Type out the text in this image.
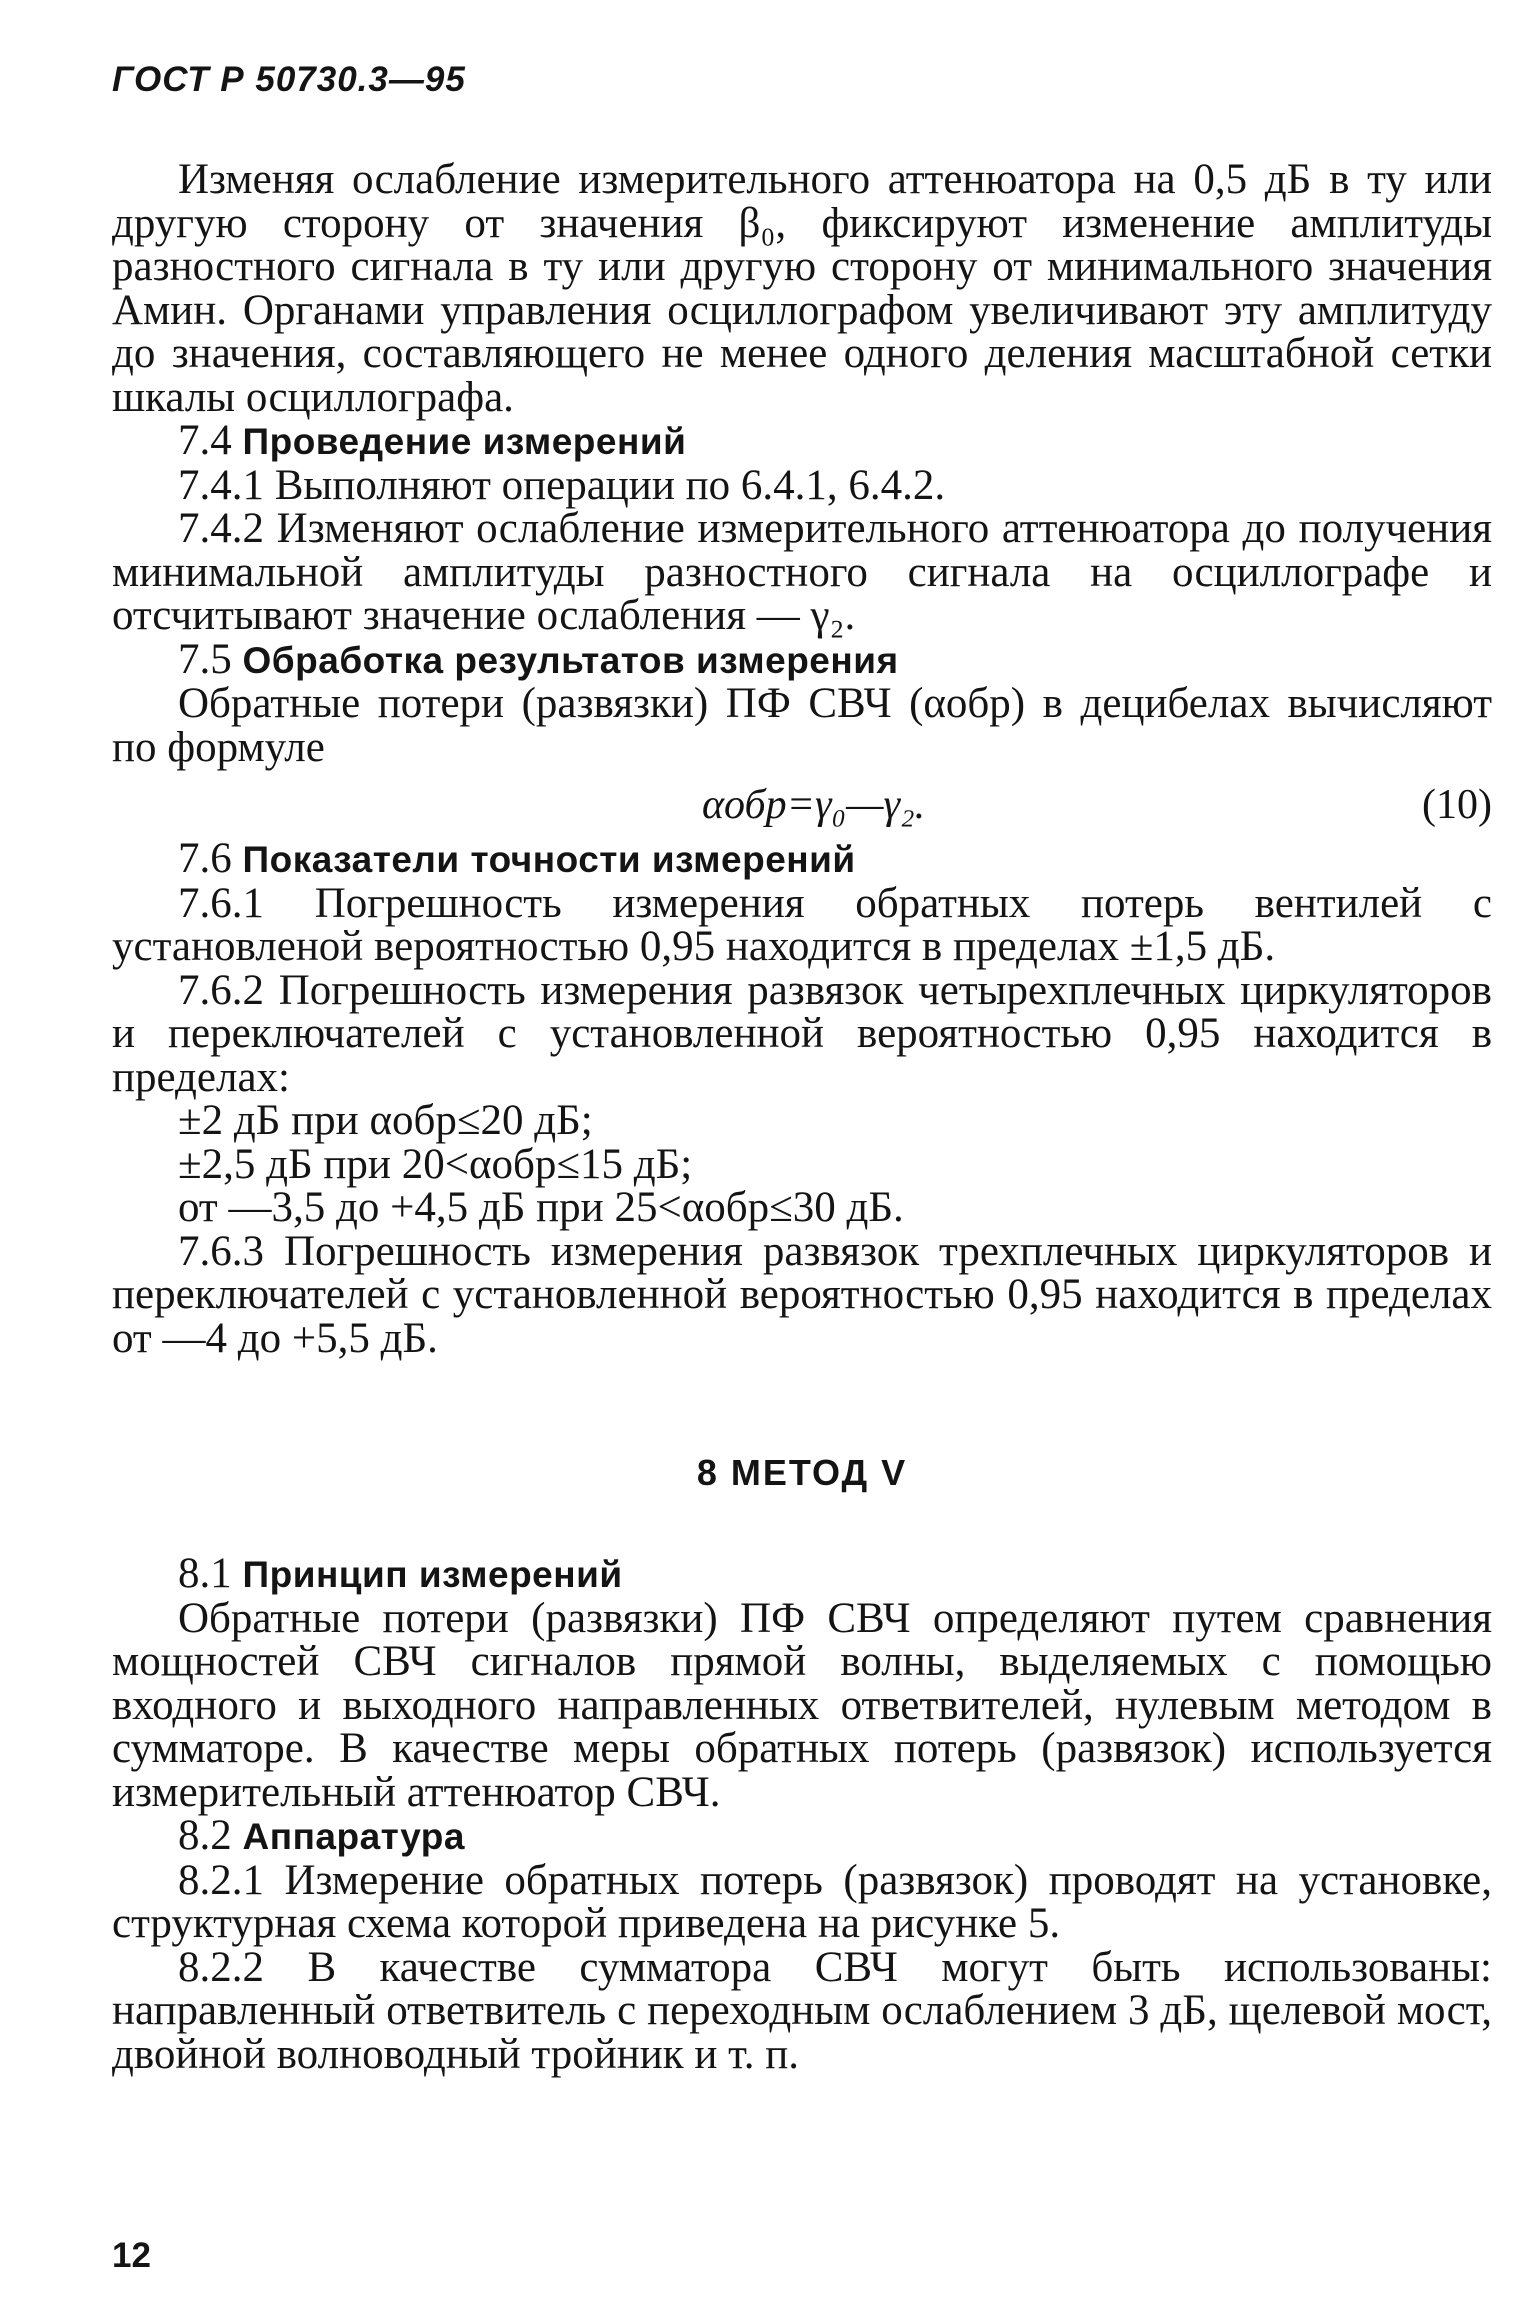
ГОСТ Р 50730.3—95

Изменяя ослабление измерительного аттенюатора на 0,5 дБ в ту или другую сторону от значения β₀, фиксируют изменение амплитуды разностного сигнала в ту или другую сторону от минимального значения Aмин. Органами управления осциллографом увеличивают эту амплитуду до значения, составляющего не менее одного деления масштабной сетки шкалы осциллографа.

7.4 Проведение измерений

7.4.1 Выполняют операции по 6.4.1, 6.4.2.

7.4.2 Изменяют ослабление измерительного аттенюатора до получения минимальной амплитуды разностного сигнала на осциллографе и отсчитывают значение ослабления — γ₂.

7.5 Обработка результатов измерения

Обратные потери (развязки) ПФ СВЧ (αобр) в децибелах вычисляют по формуле

αобр=γ₀—γ₂.	(10)

7.6 Показатели точности измерений

7.6.1 Погрешность измерения обратных потерь вентилей с установленой вероятностью 0,95 находится в пределах ±1,5 дБ.

7.6.2 Погрешность измерения развязок четырехплечных циркуляторов и переключателей с установленной вероятностью 0,95 находится в пределах:

±2 дБ при αобр≤20 дБ;

±2,5 дБ при 20<αобр≤15 дБ;

от —3,5 до +4,5 дБ при 25<αобр≤30 дБ.

7.6.3 Погрешность измерения развязок трехплечных циркуляторов и переключателей с установленной вероятностью 0,95 находится в пределах от —4 до +5,5 дБ.

8 МЕТОД V

8.1 Принцип измерений

Обратные потери (развязки) ПФ СВЧ определяют путем сравнения мощностей СВЧ сигналов прямой волны, выделяемых с помощью входного и выходного направленных ответвителей, нулевым методом в сумматоре. В качестве меры обратных потерь (развязок) используется измерительный аттенюатор СВЧ.

8.2 Аппаратура

8.2.1 Измерение обратных потерь (развязок) проводят на установке, структурная схема которой приведена на рисунке 5.

8.2.2 В качестве сумматора СВЧ могут быть использованы: направленный ответвитель с переходным ослаблением 3 дБ, щелевой мост, двойной волноводный тройник и т. п.

12
